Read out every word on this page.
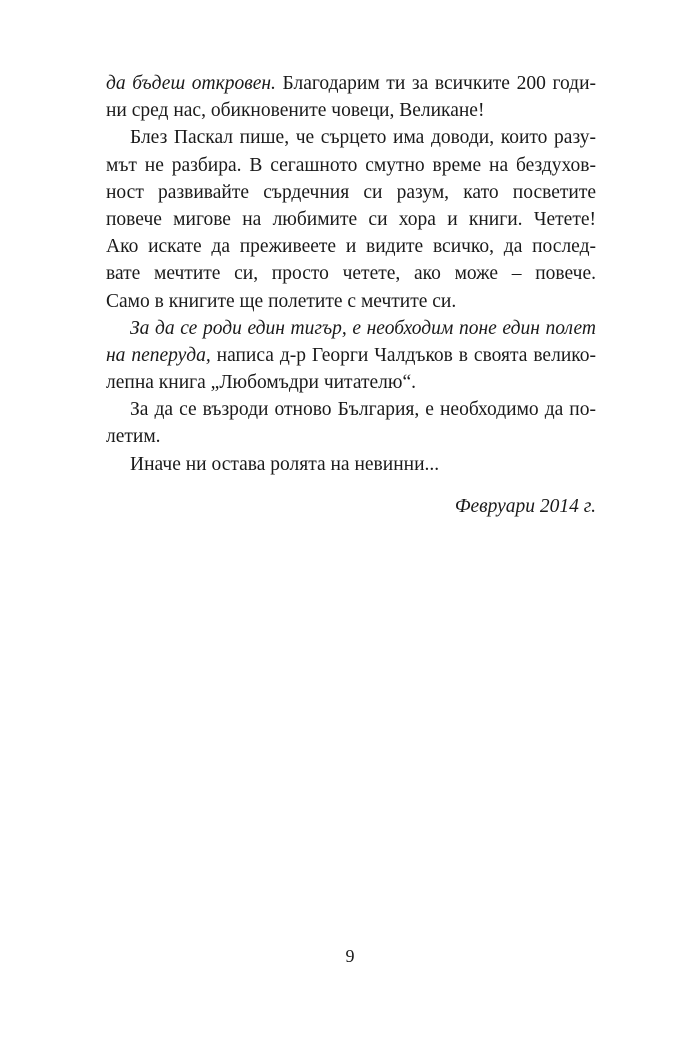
да бъдеш откровен. Благодарим ти за всичките 200 годи-
ни сред нас, обикновените човеци, Великане!
Блез Паскал пише, че сърцето има доводи, които разу-
мът не разбира. В сегашното смутно време на бездухов-
ност развивайте сърдечния си разум, като посветите
повече мигове на любимите си хора и книги. Четете!
Ако искате да преживеете и видите всичко, да послед-
вате мечтите си, просто четете, ако може – повече.
Само в книгите ще полетите с мечтите си.
За да се роди един тигър, е необходим поне един полет
на пеперуда, написа д-р Георги Чалдъков в своята велико-
лепна книга „Любомъдри читателю“.
За да се възроди отново България, е необходимо да по-
летим.
Иначе ни остава ролята на невинни...
Февруари 2014 г.
9
